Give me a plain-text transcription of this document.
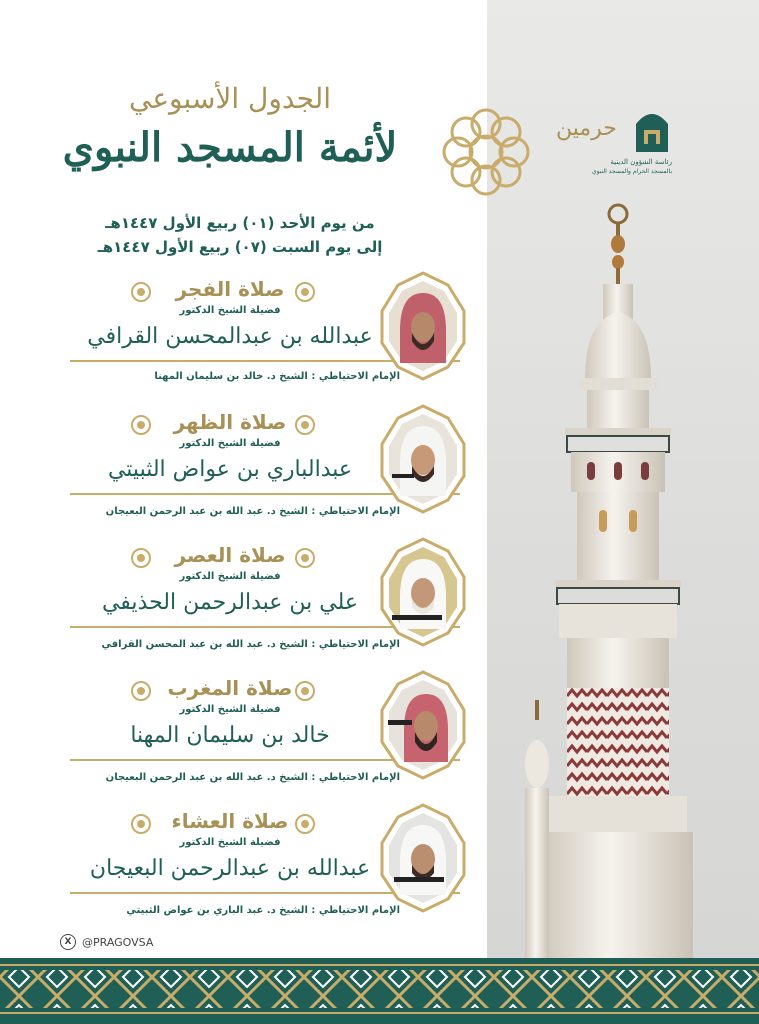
الجدول الأسبوعي
لأئمة المسجد النبوي
من يوم الأحد (٠١) ربيع الأول ١٤٤٧هـ
إلى يوم السبت (٠٧) ربيع الأول ١٤٤٧هـ
حرمين
رئاسة الشؤون الدينية
بالمسجد الحرام والمسجد النبوي
صلاة الفجر
فضيلة الشيخ الدكتور
عبدالله بن عبدالمحسن القرافي
الإمام الاحتياطي : الشيخ د. خالد بن سليمان المهنا
صلاة الظهر
فضيلة الشيخ الدكتور
عبدالباري بن عواض الثبيتي
الإمام الاحتياطي : الشيخ د. عبد الله بن عبد الرحمن البعيجان
صلاة العصر
فضيلة الشيخ الدكتور
علي بن عبدالرحمن الحذيفي
الإمام الاحتياطي : الشيخ د. عبد الله بن عبد المحسن القرافي
صلاة المغرب
فضيلة الشيخ الدكتور
خالد بن سليمان المهنا
الإمام الاحتياطي : الشيخ د. عبد الله بن عبد الرحمن البعيجان
صلاة العشاء
فضيلة الشيخ الدكتور
عبدالله بن عبدالرحمن البعيجان
الإمام الاحتياطي : الشيخ د. عبد الباري بن عواض الثبيتي
X @PRAGOVSA
